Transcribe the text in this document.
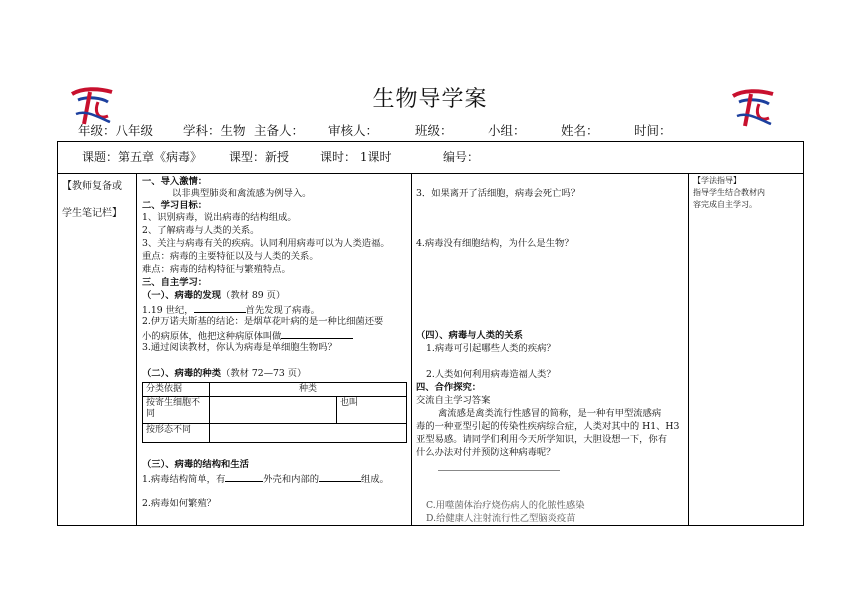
生物导学案
年级：八年级 学科：生物 主备人： 审核人：	班级：	小组：	姓名：	时间：
课题：第五章《病毒》 课型：新授	课时： 1课时	编号：
【教师复备或
学生笔记栏】
一、导入激情：
以非典型肺炎和禽流感为例导入。
二、学习目标：
1、识别病毒，说出病毒的结构组成。
2、了解病毒与人类的关系。
3、关注与病毒有关的疾病。认同利用病毒可以为人类造福。
重点：病毒的主要特征以及与人类的关系。
难点：病毒的结构特征与繁殖特点。
三、自主学习：
（一）、病毒的发现（教材 89 页）
1.19 世纪，	首先发现了病毒。
2.伊万诺夫斯基的结论：是烟草花叶病的是一种比细菌还要
小的病原体，他把这种病原体叫做
3.通过阅读教材，你认为病毒是单细胞生物吗？
（二）、病毒的种类（教材 72—73 页）
分类依据	种类	
按寄生细胞不同		也叫
按形态不同		
（三）、病毒的结构和生活
1.病毒结构简单，有	外壳和内部的	组成。
2.病毒如何繁殖？
3．如果离开了活细胞，病毒会死亡吗？
4.病毒没有细胞结构，为什么是生物？
（四）、病毒与人类的关系
1.病毒可引起哪些人类的疾病？
2.人类如何利用病毒造福人类？
四、合作探究：
交流自主学习答案
禽流感是禽类流行性感冒的简称，是一种有甲型流感病
毒的一种亚型引起的传染性疾病综合症，人类对其中的 H1、H3
亚型易感。请同学们利用今天所学知识，大胆设想一下，你有
什么办法对付并预防这种病毒呢？
C.用噬菌体治疗烧伤病人的化脓性感染
D.给健康人注射流行性乙型脑炎疫苗
【学法指导】
指导学生结合教材内
容完成自主学习。
